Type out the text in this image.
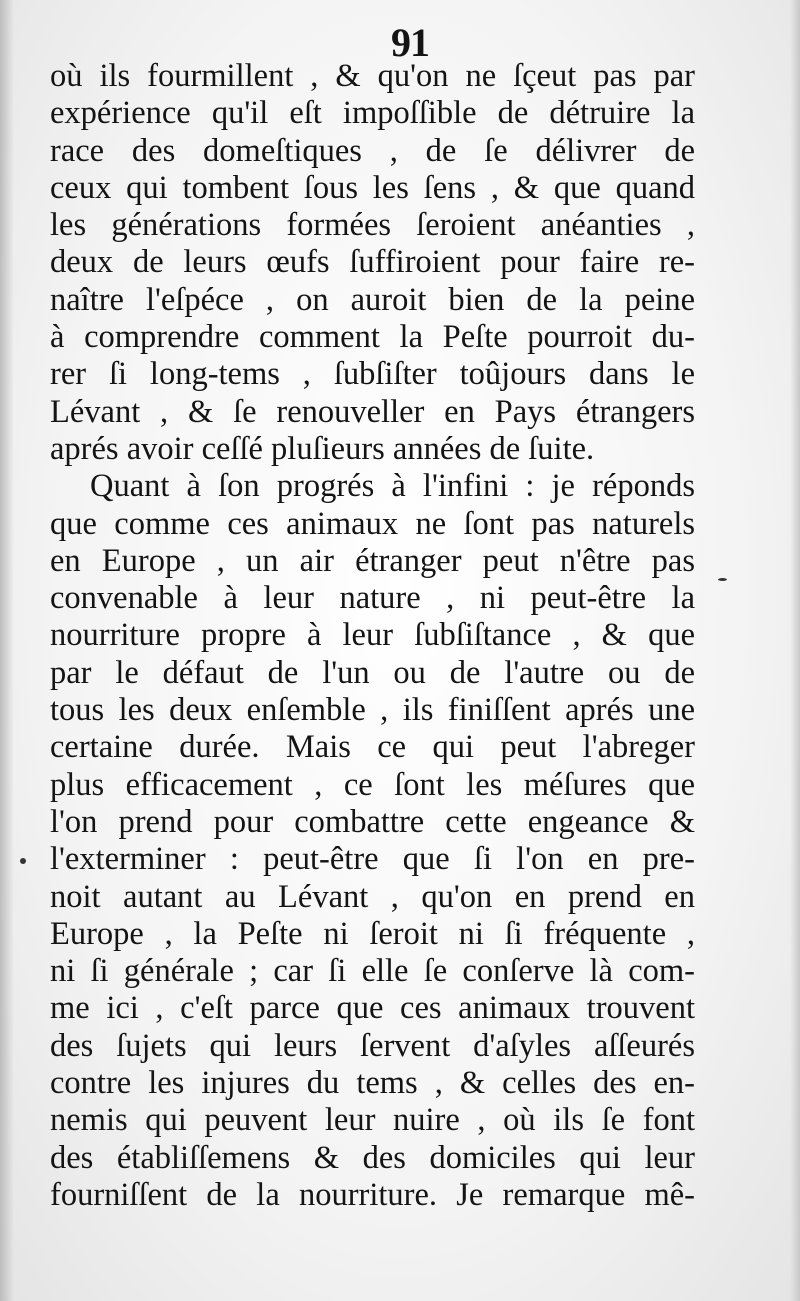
91
où ils fourmillent , & qu'on ne ſçeut pas par
expérience qu'il eſt impoſſible de détruire la
race des domeſtiques , de ſe délivrer de
ceux qui tombent ſous les ſens , & que quand
les générations formées ſeroient anéanties ,
deux de leurs œufs ſuffiroient pour faire re-
naître l'eſpéce , on auroit bien de la peine
à comprendre comment la Peſte pourroit du-
rer ſi long-tems , ſubſiſter toûjours dans le
Lévant , & ſe renouveller en Pays étrangers
aprés avoir ceſſé pluſieurs années de ſuite.
Quant à ſon progrés à l'infini : je réponds
que comme ces animaux ne ſont pas naturels
en Europe , un air étranger peut n'être pas
convenable à leur nature , ni peut-être la
nourriture propre à leur ſubſiſtance , & que
par le défaut de l'un ou de l'autre ou de
tous les deux enſemble , ils finiſſent aprés une
certaine durée. Mais ce qui peut l'abreger
plus efficacement , ce ſont les méſures que
l'on prend pour combattre cette engeance &
l'exterminer : peut-être que ſi l'on en pre-
noit autant au Lévant , qu'on en prend en
Europe , la Peſte ni ſeroit ni ſi fréquente ,
ni ſi générale ; car ſi elle ſe conſerve là com-
me ici , c'eſt parce que ces animaux trouvent
des ſujets qui leurs ſervent d'aſyles aſſeurés
contre les injures du tems , & celles des en-
nemis qui peuvent leur nuire , où ils ſe font
des établiſſemens & des domiciles qui leur
fourniſſent de la nourriture. Je remarque mê-
